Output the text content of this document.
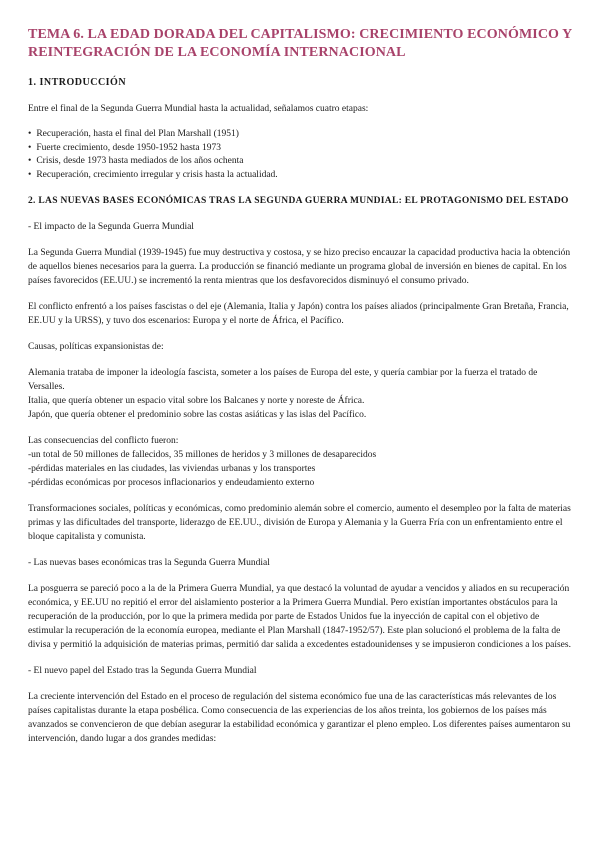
TEMA 6. LA EDAD DORADA DEL CAPITALISMO: CRECIMIENTO ECONÓMICO Y REINTEGRACIÓN DE LA ECONOMÍA INTERNACIONAL
1. INTRODUCCIÓN

Entre el final de la Segunda Guerra Mundial hasta la actualidad, señalamos cuatro etapas:

• Recuperación, hasta el final del Plan Marshall (1951)
• Fuerte crecimiento, desde 1950-1952 hasta 1973
• Crisis, desde 1973 hasta mediados de los años ochenta
• Recuperación, crecimiento irregular y crisis hasta la actualidad.
2. LAS NUEVAS BASES ECONÓMICAS TRAS LA SEGUNDA GUERRA MUNDIAL: EL PROTAGONISMO DEL ESTADO
- El impacto de la Segunda Guerra Mundial

La Segunda Guerra Mundial (1939-1945) fue muy destructiva y costosa, y se hizo preciso encauzar la capacidad productiva hacia la obtención de aquellos bienes necesarios para la guerra. La producción se financió mediante un programa global de inversión en bienes de capital. En los países favorecidos (EE.UU.) se incrementó la renta mientras que los desfavorecidos disminuyó el consumo privado.

El conflicto enfrentó a los países fascistas o del eje (Alemania, Italia y Japón) contra los países aliados (principalmente Gran Bretaña, Francia, EE.UU y la URSS), y tuvo dos escenarios: Europa y el norte de África, el Pacífico.

Causas, políticas expansionistas de:
Alemania trataba de imponer la ideología fascista, someter a los países de Europa del este, y quería cambiar por la fuerza el tratado de Versalles.
Italia, que quería obtener un espacio vital sobre los Balcanes y norte y noreste de África.
Japón, que quería obtener el predominio sobre las costas asiáticas y las islas del Pacífico.
Las consecuencias del conflicto fueron:
-un total de 50 millones de fallecidos, 35 millones de heridos y 3 millones de desaparecidos
-pérdidas materiales en las ciudades, las viviendas urbanas y los transportes
-pérdidas económicas por procesos inflacionarios y endeudamiento externo

Transformaciones sociales, políticas y económicas, como predominio alemán sobre el comercio, aumento el desempleo por la falta de materias primas y las dificultades del transporte, liderazgo de EE.UU., división de Europa y Alemania y la Guerra Fría con un enfrentamiento entre el bloque capitalista y comunista.

- Las nuevas bases económicas tras la Segunda Guerra Mundial

La posguerra se pareció poco a la de la Primera Guerra Mundial, ya que destacó la voluntad de ayudar a vencidos y aliados en su recuperación económica, y EE.UU no repitió el error del aislamiento posterior a la Primera Guerra Mundial. Pero existían importantes obstáculos para la recuperación de la producción, por lo que la primera medida por parte de Estados Unidos fue la inyección de capital con el objetivo de estimular la recuperación de la economía europea, mediante el Plan Marshall (1847-1952/57). Este plan solucionó el problema de la falta de divisa y permitió la adquisición de materias primas, permitió dar salida a excedentes estadounidenses y se impusieron condiciones a los países.

- El nuevo papel del Estado tras la Segunda Guerra Mundial

La creciente intervención del Estado en el proceso de regulación del sistema económico fue una de las características más relevantes de los países capitalistas durante la etapa posbélica. Como consecuencia de las experiencias de los años treinta, los gobiernos de los países más avanzados se convencieron de que debían asegurar la estabilidad económica y garantizar el pleno empleo. Los diferentes países aumentaron su intervención, dando lugar a dos grandes medidas:
